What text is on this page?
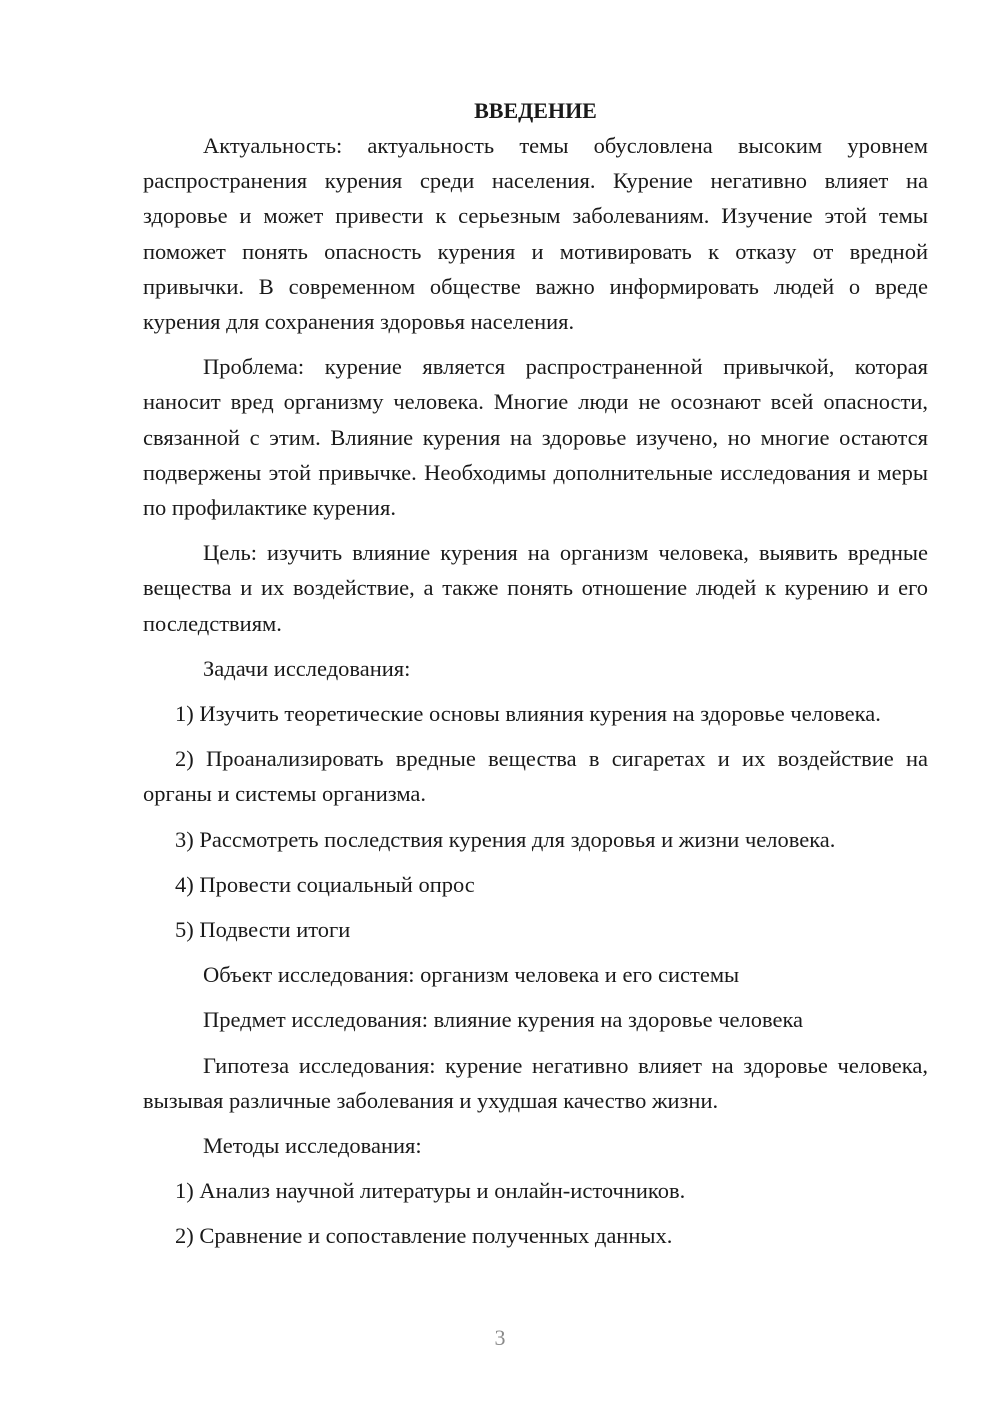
ВВЕДЕНИЕ

Актуальность: актуальность темы обусловлена высоким уровнем распространения курения среди населения. Курение негативно влияет на здоровье и может привести к серьезным заболеваниям. Изучение этой темы поможет понять опасность курения и мотивировать к отказу от вредной привычки. В современном обществе важно информировать людей о вреде курения для сохранения здоровья населения.

Проблема: курение является распространенной привычкой, которая наносит вред организму человека. Многие люди не осознают всей опасности, связанной с этим. Влияние курения на здоровье изучено, но многие остаются подвержены этой привычке. Необходимы дополнительные исследования и меры по профилактике курения.

Цель: изучить влияние курения на организм человека, выявить вредные вещества и их воздействие, а также понять отношение людей к курению и его последствиям.

Задачи исследования:

1) Изучить теоретические основы влияния курения на здоровье человека.

2) Проанализировать вредные вещества в сигаретах и их воздействие на органы и системы организма.

3) Рассмотреть последствия курения для здоровья и жизни человека.

4) Провести социальный опрос

5) Подвести итоги

Объект исследования: организм человека и его системы

Предмет исследования: влияние курения на здоровье человека

Гипотеза исследования: курение негативно влияет на здоровье человека, вызывая различные заболевания и ухудшая качество жизни.

Методы исследования:

1) Анализ научной литературы и онлайн-источников.

2) Сравнение и сопоставление полученных данных.

3
